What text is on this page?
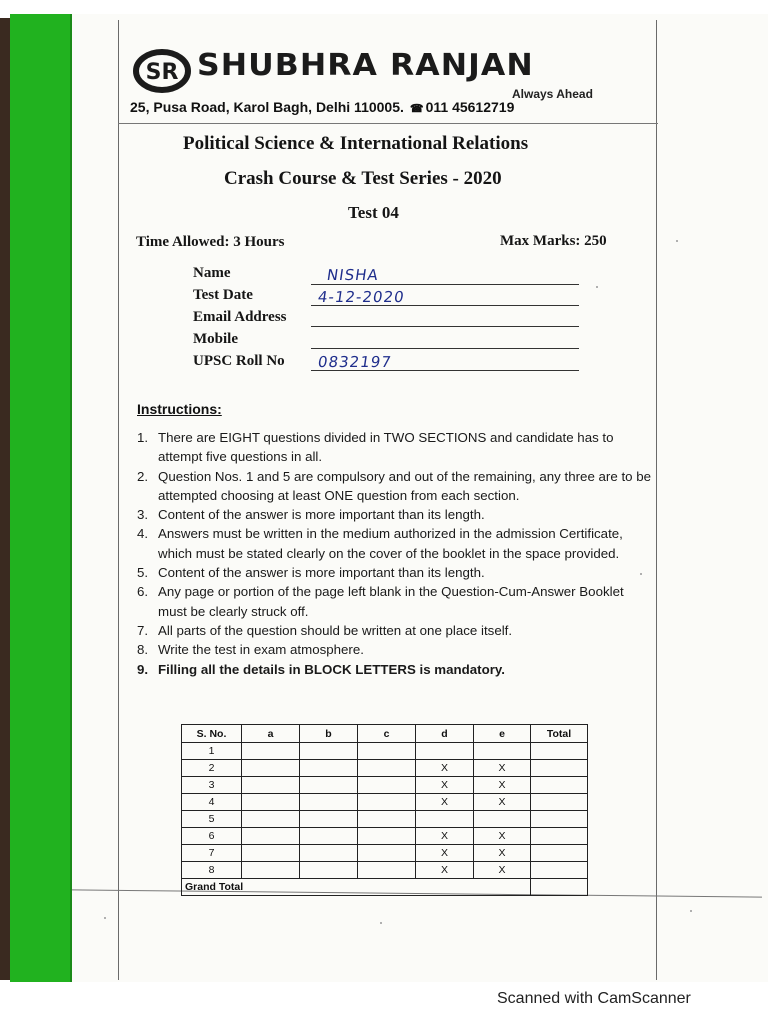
SR SHUBHRA RANJAN
Always Ahead
25, Pusa Road, Karol Bagh, Delhi 110005. ☎ 011 45612719
Political Science & International Relations
Crash Course & Test Series - 2020
Test 04
Time Allowed: 3 Hours	Max Marks: 250
Name	NISHA
Test Date	4-12-2020
Email Address
Mobile
UPSC Roll No 0832197
Instructions:
1. There are EIGHT questions divided in TWO SECTIONS and candidate has to attempt five questions in all.
2. Question Nos. 1 and 5 are compulsory and out of the remaining, any three are to be attempted choosing at least ONE question from each section.
3. Content of the answer is more important than its length.
4. Answers must be written in the medium authorized in the admission Certificate, which must be stated clearly on the cover of the booklet in the space provided.
5. Content of the answer is more important than its length.
6. Any page or portion of the page left blank in the Question-Cum-Answer Booklet must be clearly struck off.
7. All parts of the question should be written at one place itself.
8. Write the test in exam atmosphere.
9. Filling all the details in BLOCK LETTERS is mandatory.
S. No.	a	b	c	d	e	Total
1						
2				X	X	
3				X	X	
4				X	X	
5						
6				X	X	
7				X	X	
8				X	X	
Grand Total						
Scanned with CamScanner
